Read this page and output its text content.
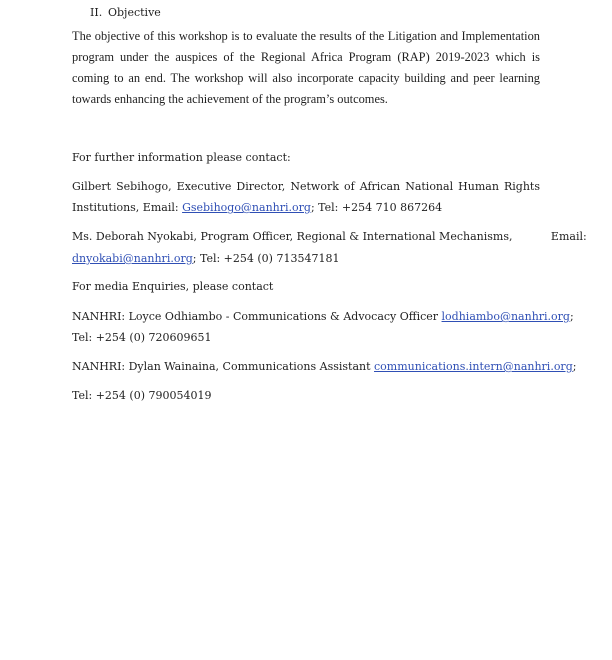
II. Objective
The objective of this workshop is to evaluate the results of the Litigation and Implementation program under the auspices of the Regional Africa Program (RAP) 2019-2023 which is coming to an end. The workshop will also incorporate capacity building and peer learning towards enhancing the achievement of the program’s outcomes.
For further information please contact:
Gilbert Sebihogo, Executive Director, Network of African National Human Rights
Institutions, Email: Gsebihogo@nanhri.org; Tel: +254 710 867264
Ms. Deborah Nyokabi, Program Officer, Regional & International Mechanisms,           Email:
dnyokabi@nanhri.org; Tel: +254 (0) 713547181
For media Enquiries, please contact
NANHRI: Loyce Odhiambo - Communications & Advocacy Officer lodhiambo@nanhri.org;
Tel: +254 (0) 720609651
NANHRI: Dylan Wainaina, Communications Assistant communications.intern@nanhri.org;
Tel: +254 (0) 790054019
